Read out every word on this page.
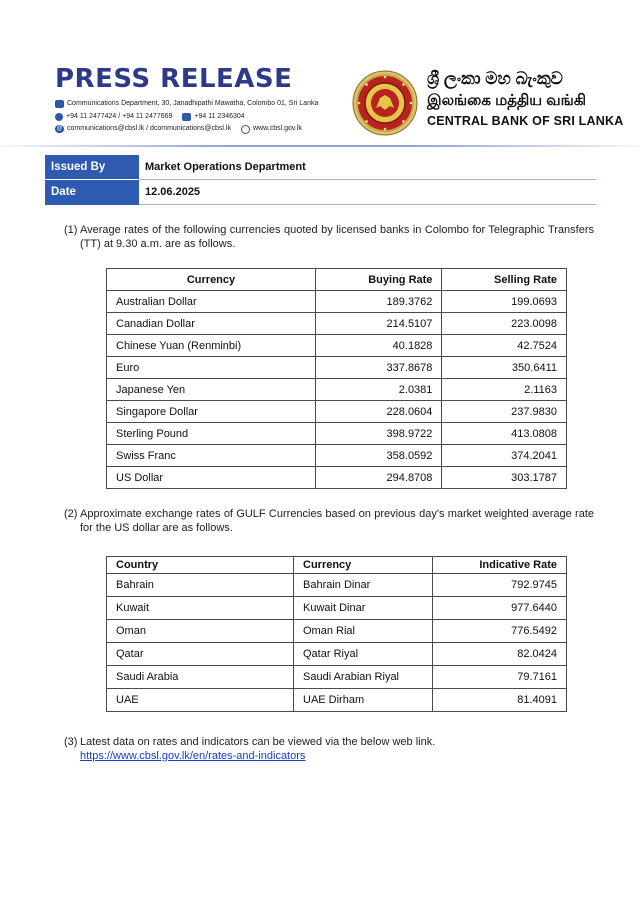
PRESS RELEASE
Communications Department, 30, Janadhipathi Mawatha, Colombo 01, Sri Lanka
+94 11 2477424 / +94 11 2477669	+94 11 2346304
@ communications@cbsl.lk / dcommunications@cbsl.lk	www.cbsl.gov.lk
ශ්‍රී ලංකා මහ බැංකුව
இலங்கை மத்திய வங்கி
CENTRAL BANK OF SRI LANKA
Issued By	Market Operations Department
Date	12.06.2025
(1) Average rates of the following currencies quoted by licensed banks in Colombo for Telegraphic Transfers (TT) at 9.30 a.m. are as follows.
Currency	Buying Rate	Selling Rate
Australian Dollar	189.3762	199.0693
Canadian Dollar	214.5107	223.0098
Chinese Yuan (Renminbi)	40.1828	42.7524
Euro	337.8678	350.6411
Japanese Yen	2.0381	2.1163
Singapore Dollar	228.0604	237.9830
Sterling Pound	398.9722	413.0808
Swiss Franc	358.0592	374.2041
US Dollar	294.8708	303.1787
(2) Approximate exchange rates of GULF Currencies based on previous day's market weighted average rate for the US dollar are as follows.
Country	Currency	Indicative Rate
Bahrain	Bahrain Dinar	792.9745
Kuwait	Kuwait Dinar	977.6440
Oman	Oman Rial	776.5492
Qatar	Qatar Riyal	82.0424
Saudi Arabia	Saudi Arabian Riyal	79.7161
UAE	UAE Dirham	81.4091
(3) Latest data on rates and indicators can be viewed via the below web link.
https://www.cbsl.gov.lk/en/rates-and-indicators
